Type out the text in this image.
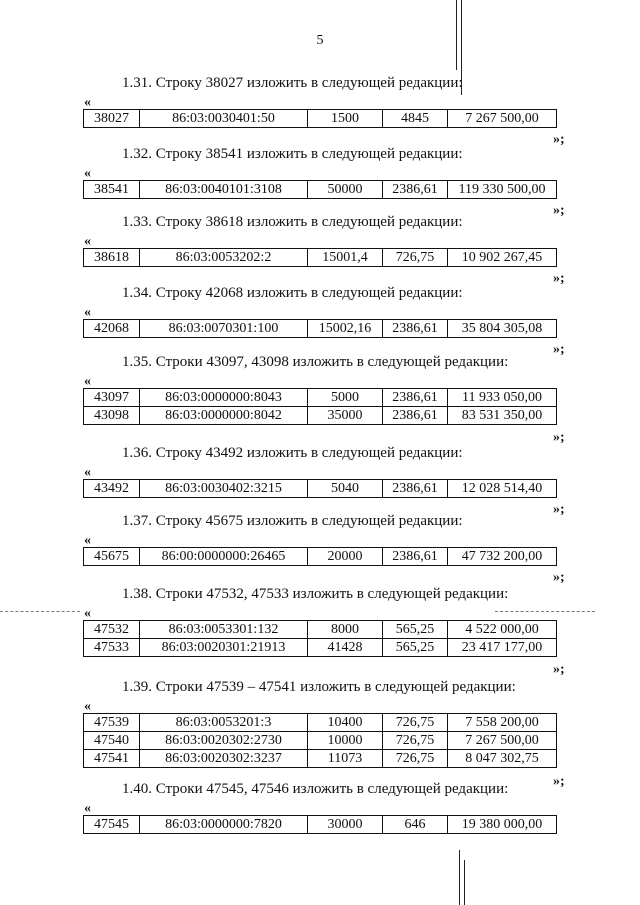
5
1.31. Строку 38027 изложить в следующей редакции:
«
38027	86:03:0030401:50	1500	4845	7 267 500,00
»;
1.32. Строку 38541 изложить в следующей редакции:
«
38541	86:03:0040101:3108	50000	2386,61	119 330 500,00
»;
1.33. Строку 38618 изложить в следующей редакции:
«
38618	86:03:0053202:2	15001,4	726,75	10 902 267,45
»;
1.34. Строку 42068 изложить в следующей редакции:
«
42068	86:03:0070301:100	15002,16	2386,61	35 804 305,08
»;
1.35. Строки 43097, 43098 изложить в следующей редакции:
«
43097	86:03:0000000:8043	5000	2386,61	11 933 050,00
43098	86:03:0000000:8042	35000	2386,61	83 531 350,00
»;
1.36. Строку 43492 изложить в следующей редакции:
«
43492	86:03:0030402:3215	5040	2386,61	12 028 514,40
»;
1.37. Строку 45675 изложить в следующей редакции:
«
45675	86:00:0000000:26465	20000	2386,61	47 732 200,00
»;
1.38. Строки 47532, 47533 изложить в следующей редакции:
«
47532	86:03:0053301:132	8000	565,25	4 522 000,00
47533	86:03:0020301:21913	41428	565,25	23 417 177,00
»;
1.39. Строки 47539 – 47541 изложить в следующей редакции:
«
47539	86:03:0053201:3	10400	726,75	7 558 200,00
47540	86:03:0020302:2730	10000	726,75	7 267 500,00
47541	86:03:0020302:3237	11073	726,75	8 047 302,75
»;
1.40. Строки 47545, 47546 изложить в следующей редакции:
«
47545	86:03:0000000:7820	30000	646	19 380 000,00
